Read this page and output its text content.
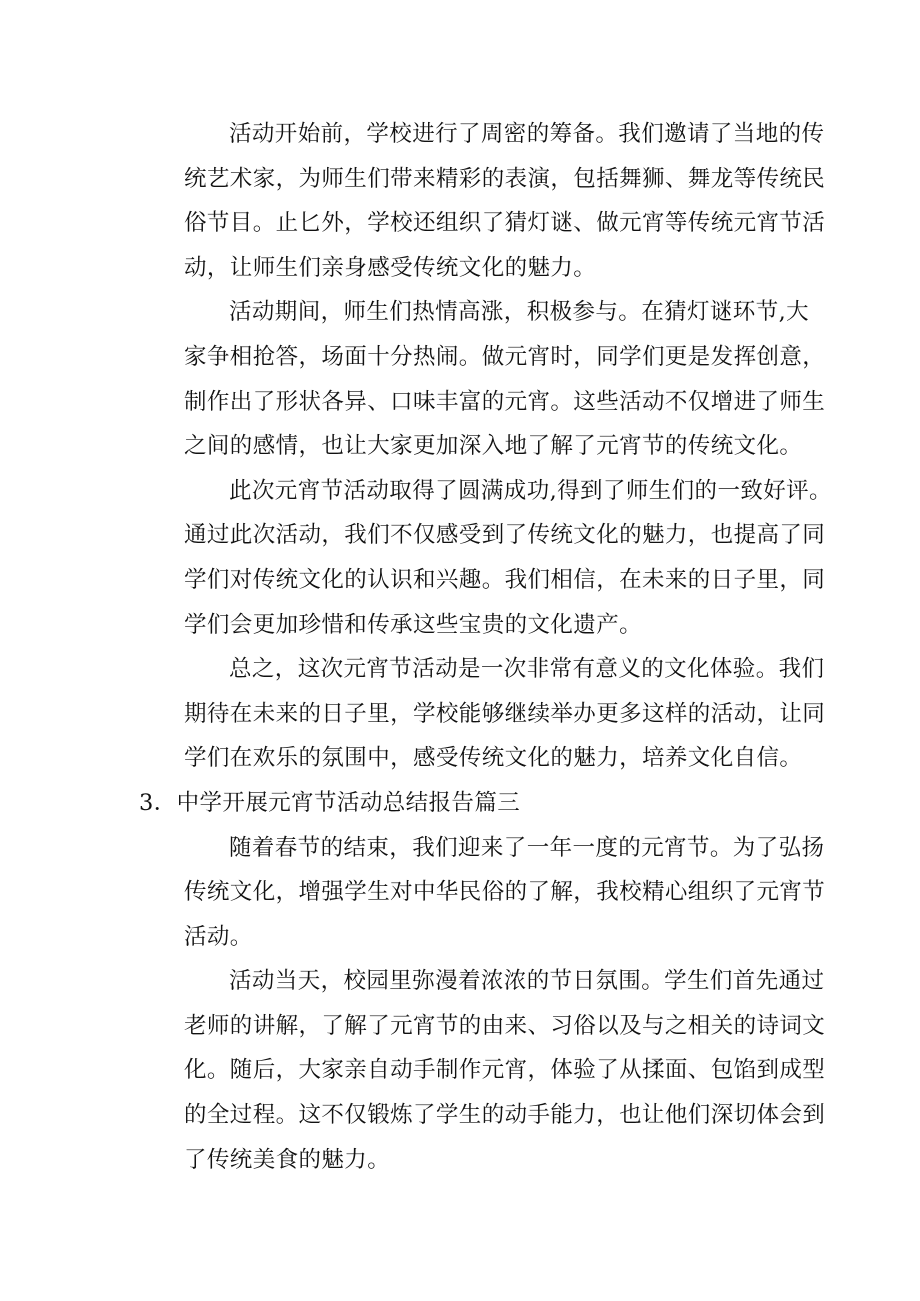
活动开始前，学校进行了周密的筹备。我们邀请了当地的传
统艺术家，为师生们带来精彩的表演，包括舞狮、舞龙等传统民
俗节目。止匕外，学校还组织了猜灯谜、做元宵等传统元宵节活
动，让师生们亲身感受传统文化的魅力。
活动期间，师生们热情高涨，积极参与。在猜灯谜环节,大
家争相抢答，场面十分热闹。做元宵时，同学们更是发挥创意，
制作出了形状各异、口味丰富的元宵。这些活动不仅增进了师生
之间的感情，也让大家更加深入地了解了元宵节的传统文化。
此次元宵节活动取得了圆满成功,得到了师生们的一致好评。
通过此次活动，我们不仅感受到了传统文化的魅力，也提高了同
学们对传统文化的认识和兴趣。我们相信，在未来的日子里，同
学们会更加珍惜和传承这些宝贵的文化遗产。
总之，这次元宵节活动是一次非常有意义的文化体验。我们
期待在未来的日子里，学校能够继续举办更多这样的活动，让同
学们在欢乐的氛围中，感受传统文化的魅力，培养文化自信。
3．中学开展元宵节活动总结报告篇三
随着春节的结束，我们迎来了一年一度的元宵节。为了弘扬
传统文化，增强学生对中华民俗的了解，我校精心组织了元宵节
活动。
活动当天，校园里弥漫着浓浓的节日氛围。学生们首先通过
老师的讲解，了解了元宵节的由来、习俗以及与之相关的诗词文
化。随后，大家亲自动手制作元宵，体验了从揉面、包馅到成型
的全过程。这不仅锻炼了学生的动手能力，也让他们深切体会到
了传统美食的魅力。
